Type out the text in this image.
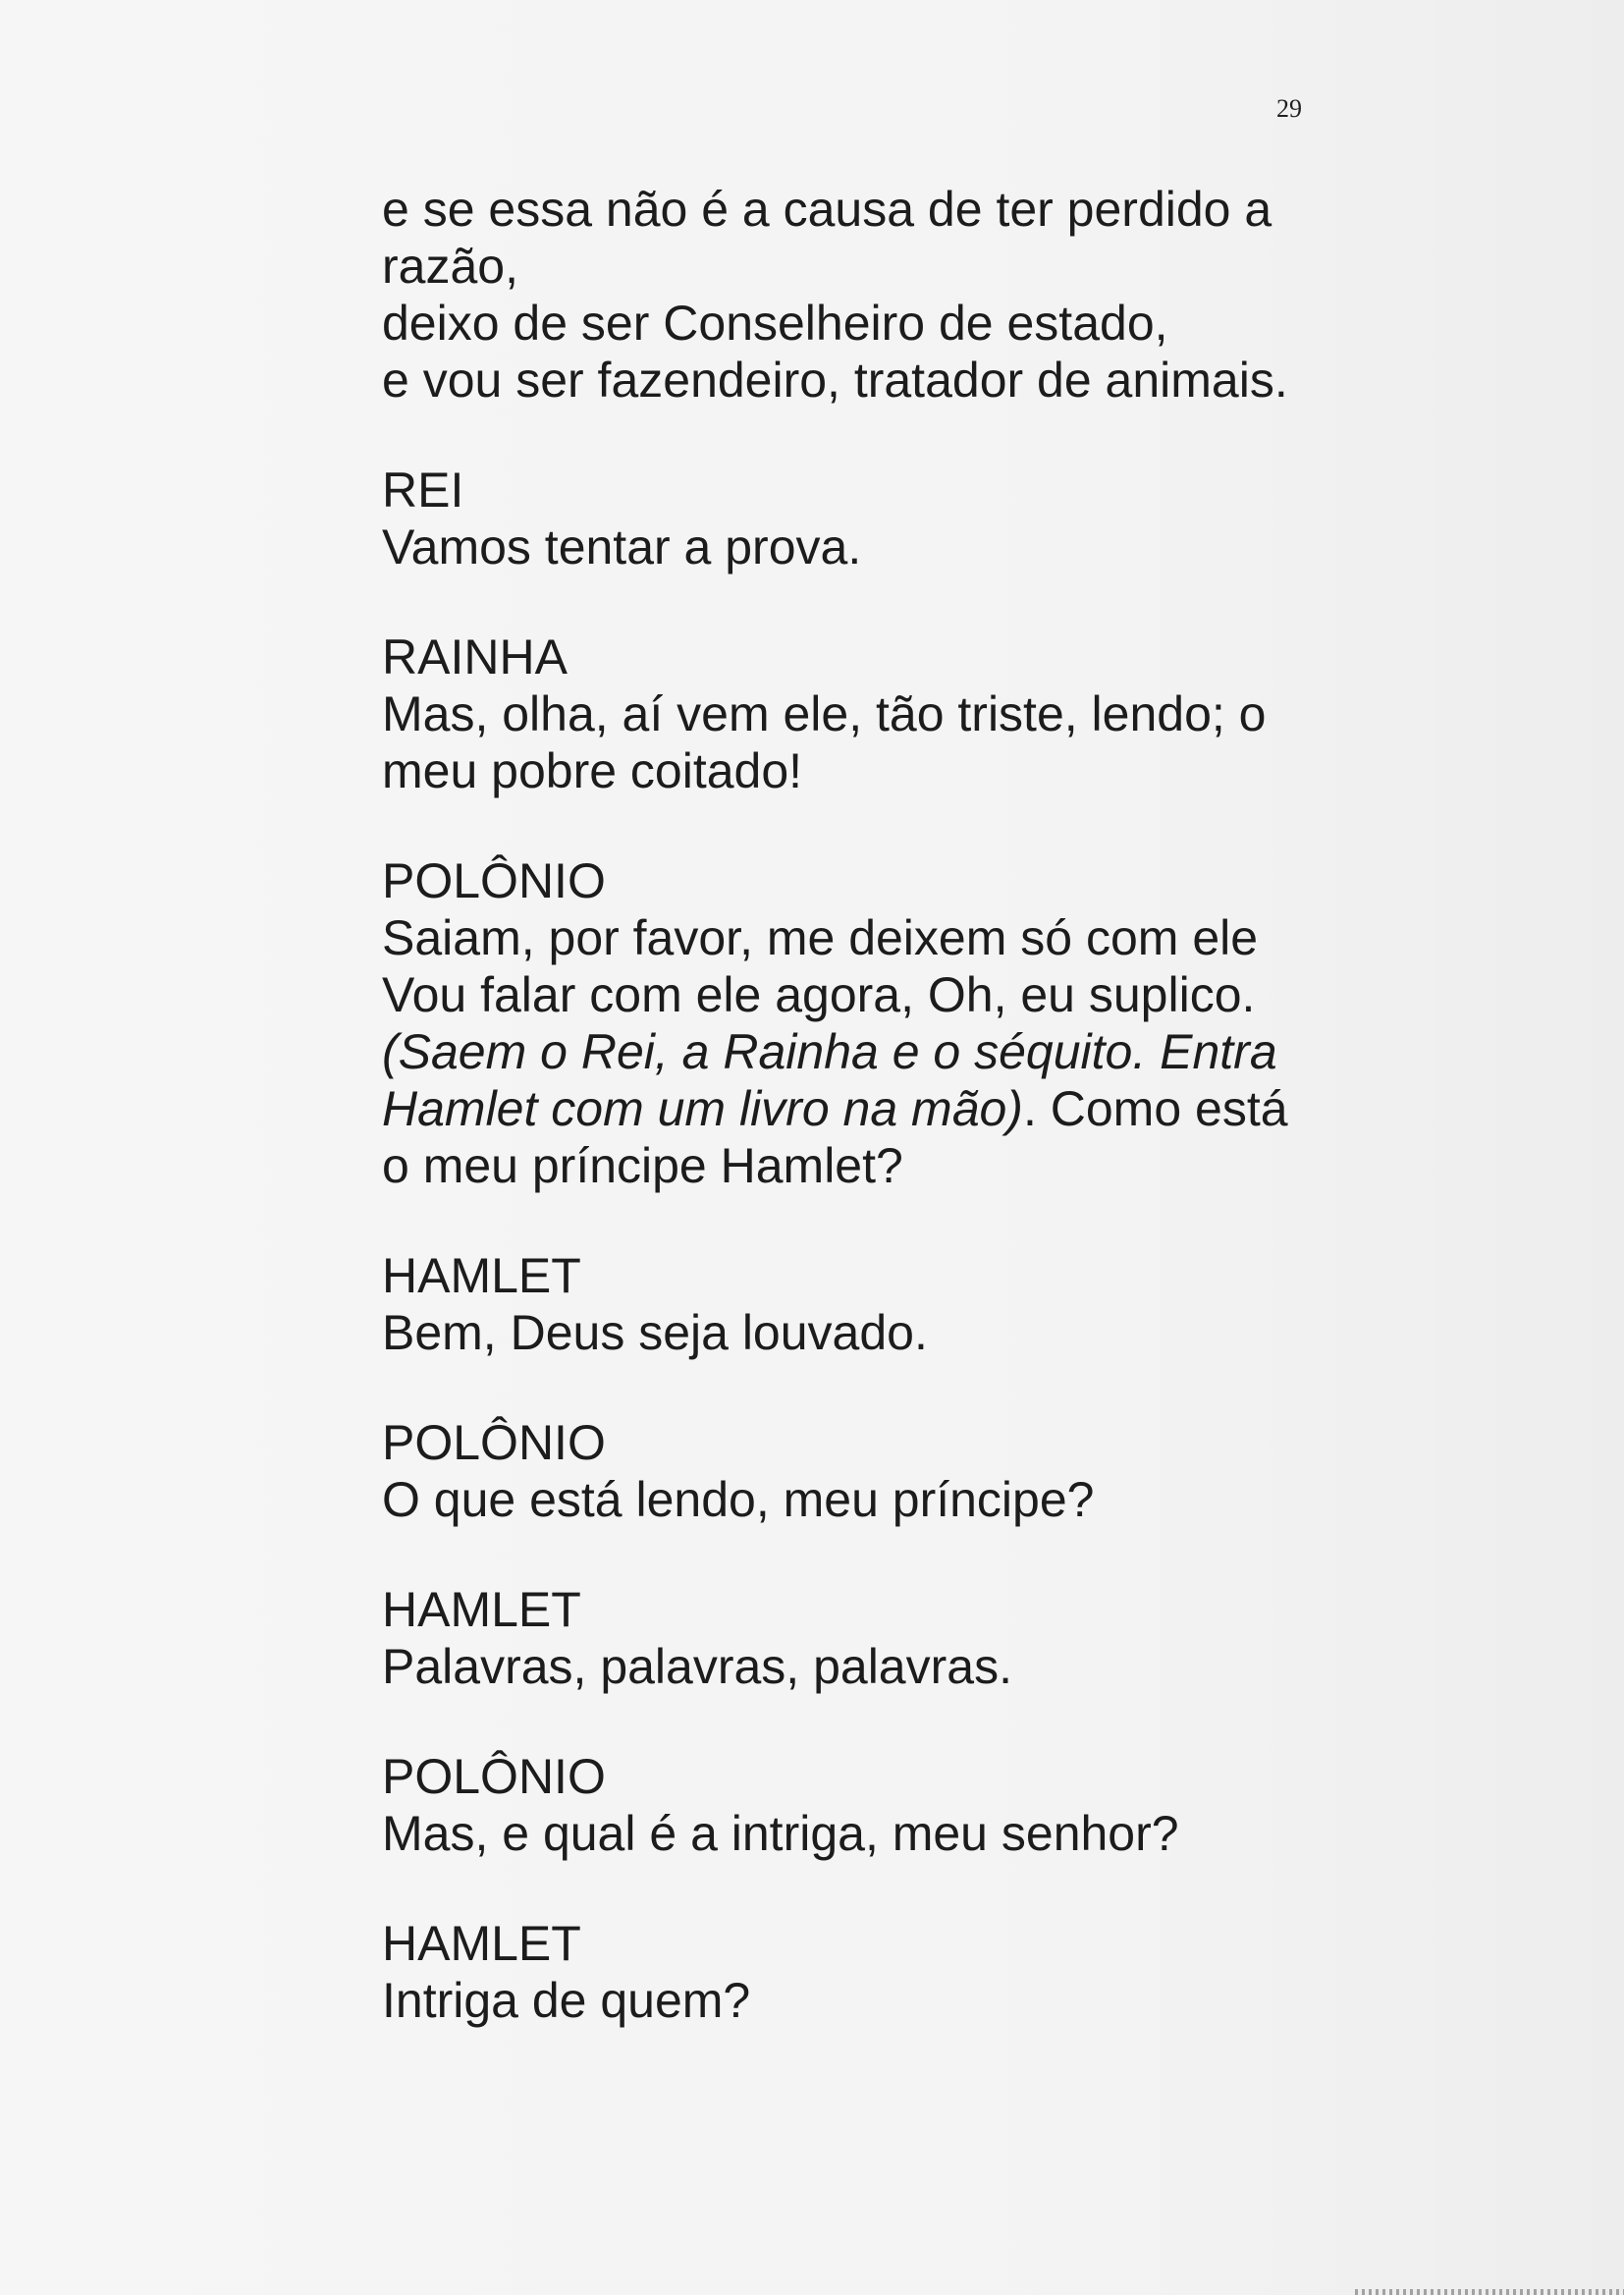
29
e se essa não é a causa de ter perdido a
razão,
deixo de ser Conselheiro de estado,
e vou ser fazendeiro, tratador de animais.
REI
Vamos tentar a prova.
RAINHA
Mas, olha, aí vem ele, tão triste, lendo; o
meu pobre coitado!
POLÔNIO
Saiam, por favor, me deixem só com ele
Vou falar com ele agora, Oh, eu suplico.
(Saem o Rei, a Rainha e o séquito. Entra
Hamlet com um livro na mão). Como está
o meu príncipe Hamlet?
HAMLET
Bem, Deus seja louvado.
POLÔNIO
O que está lendo, meu príncipe?
HAMLET
Palavras, palavras, palavras.
POLÔNIO
Mas, e qual é a intriga, meu senhor?
HAMLET
Intriga de quem?
